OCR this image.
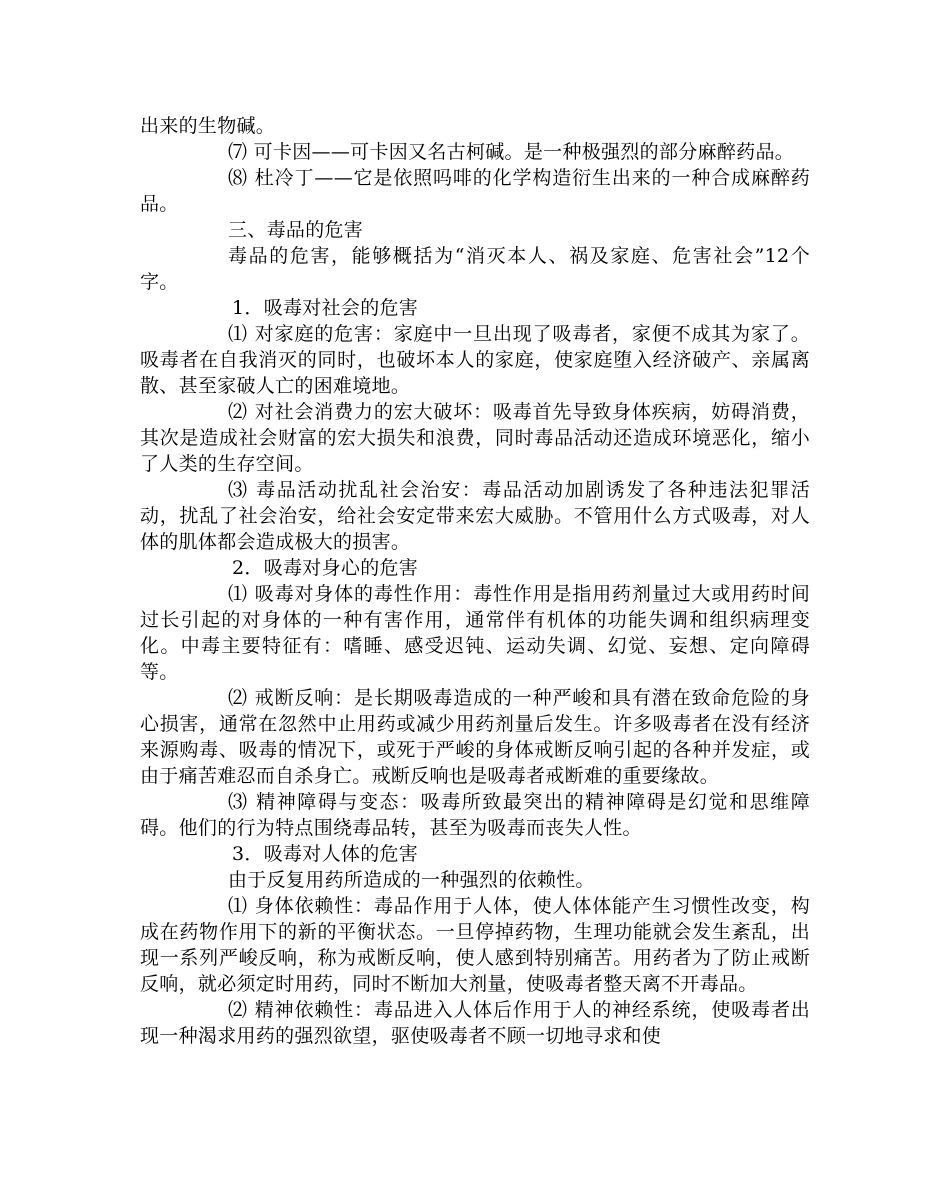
出来的生物碱。

⑺ 可卡因——可卡因又名古柯碱。是一种极强烈的部分麻醉药品。

⑻ 杜冷丁——它是依照吗啡的化学构造衍生出来的一种合成麻醉药品。

三、毒品的危害

毒品的危害，能够概括为“消灭本人、祸及家庭、危害社会”12个字。

1．吸毒对社会的危害

⑴ 对家庭的危害：家庭中一旦出现了吸毒者，家便不成其为家了。吸毒者在自我消灭的同时，也破坏本人的家庭，使家庭堕入经济破产、亲属离散、甚至家破人亡的困难境地。

⑵ 对社会消费力的宏大破坏：吸毒首先导致身体疾病，妨碍消费，其次是造成社会财富的宏大损失和浪费，同时毒品活动还造成环境恶化，缩小了人类的生存空间。

⑶ 毒品活动扰乱社会治安：毒品活动加剧诱发了各种违法犯罪活动，扰乱了社会治安，给社会安定带来宏大威胁。不管用什么方式吸毒，对人体的肌体都会造成极大的损害。

2．吸毒对身心的危害

⑴ 吸毒对身体的毒性作用：毒性作用是指用药剂量过大或用药时间过长引起的对身体的一种有害作用，通常伴有机体的功能失调和组织病理变化。中毒主要特征有：嗜睡、感受迟钝、运动失调、幻觉、妄想、定向障碍等。

⑵ 戒断反响：是长期吸毒造成的一种严峻和具有潜在致命危险的身心损害，通常在忽然中止用药或减少用药剂量后发生。许多吸毒者在没有经济来源购毒、吸毒的情况下，或死于严峻的身体戒断反响引起的各种并发症，或由于痛苦难忍而自杀身亡。戒断反响也是吸毒者戒断难的重要缘故。

⑶ 精神障碍与变态：吸毒所致最突出的精神障碍是幻觉和思维障碍。他们的行为特点围绕毒品转，甚至为吸毒而丧失人性。

3．吸毒对人体的危害

由于反复用药所造成的一种强烈的依赖性。

⑴ 身体依赖性：毒品作用于人体，使人体体能产生习惯性改变，构成在药物作用下的新的平衡状态。一旦停掉药物，生理功能就会发生紊乱，出现一系列严峻反响，称为戒断反响，使人感到特别痛苦。用药者为了防止戒断反响，就必须定时用药，同时不断加大剂量，使吸毒者整天离不开毒品。

⑵ 精神依赖性：毒品进入人体后作用于人的神经系统，使吸毒者出现一种渴求用药的强烈欲望，驱使吸毒者不顾一切地寻求和使
